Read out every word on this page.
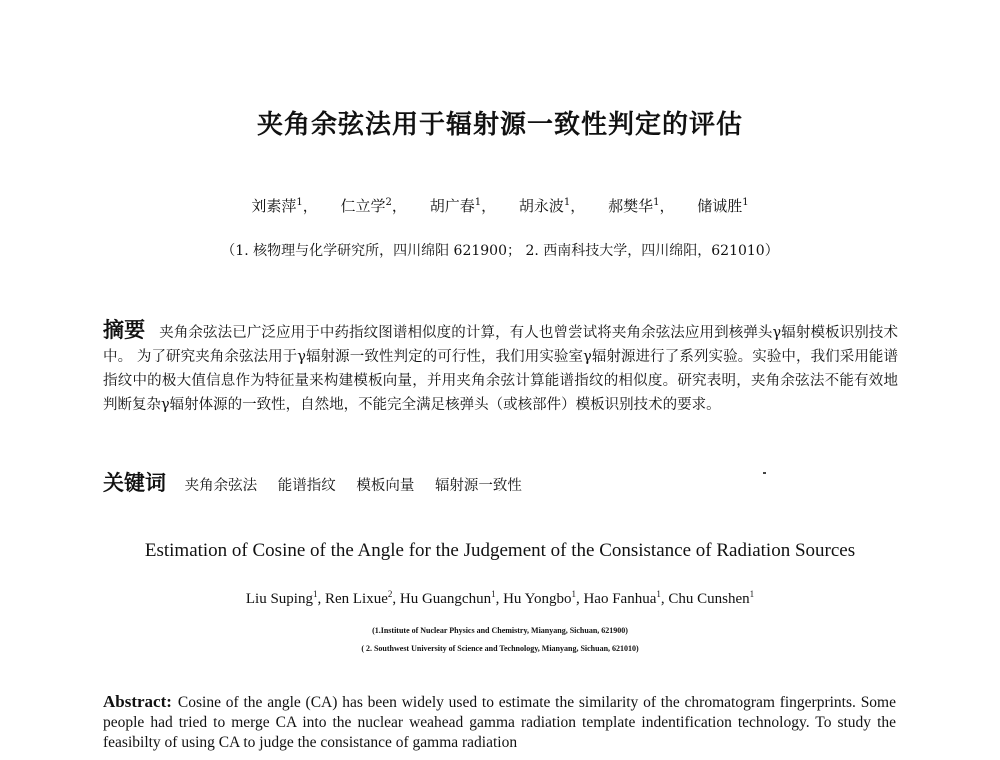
夹角余弦法用于辐射源一致性判定的评估
刘素萍$^1$， 仁立学$^2$， 胡广春$^1$， 胡永波$^1$， 郝樊华$^1$， 储诚胜$^1$
（1. 核物理与化学研究所，四川绵阳 621900； 2. 西南科技大学，四川绵阳，621010）
摘要 夹角余弦法已广泛应用于中药指纹图谱相似度的计算，有人也曾尝试将夹角余弦法应用到核弹头γ辐射模板识别技术中。 为了研究夹角余弦法用于γ辐射源一致性判定的可行性，我们用实验室γ辐射源进行了系列实验。实验中，我们采用能谱指纹中的极大值信息作为特征量来构建模板向量，并用夹角余弦计算能谱指纹的相似度。研究表明，夹角余弦法不能有效地判断复杂γ辐射体源的一致性，自然地，不能完全满足核弹头（或核部件）模板识别技术的要求。
关键词 夹角余弦法 能谱指纹 模板向量 辐射源一致性
Estimation of Cosine of the Angle for the Judgement of the Consistance of Radiation Sources
Liu Suping$^1$, Ren Lixue$^2$, Hu Guangchun$^1$, Hu Yongbo$^1$, Hao Fanhua$^1$, Chu Cunshen$^1$
(1.Institute of Nuclear Physics and Chemistry, Mianyang, Sichuan, 621900)
( 2. Southwest University of Science and Technology, Mianyang, Sichuan, 621010)
Abstract: Cosine of the angle (CA) has been widely used to estimate the similarity of the chromatogram fingerprints. Some people had tried to merge CA into the nuclear weahead gamma radiation template indentification technology. To study the feasibilty of using CA to judge the consistance of gamma radiation
